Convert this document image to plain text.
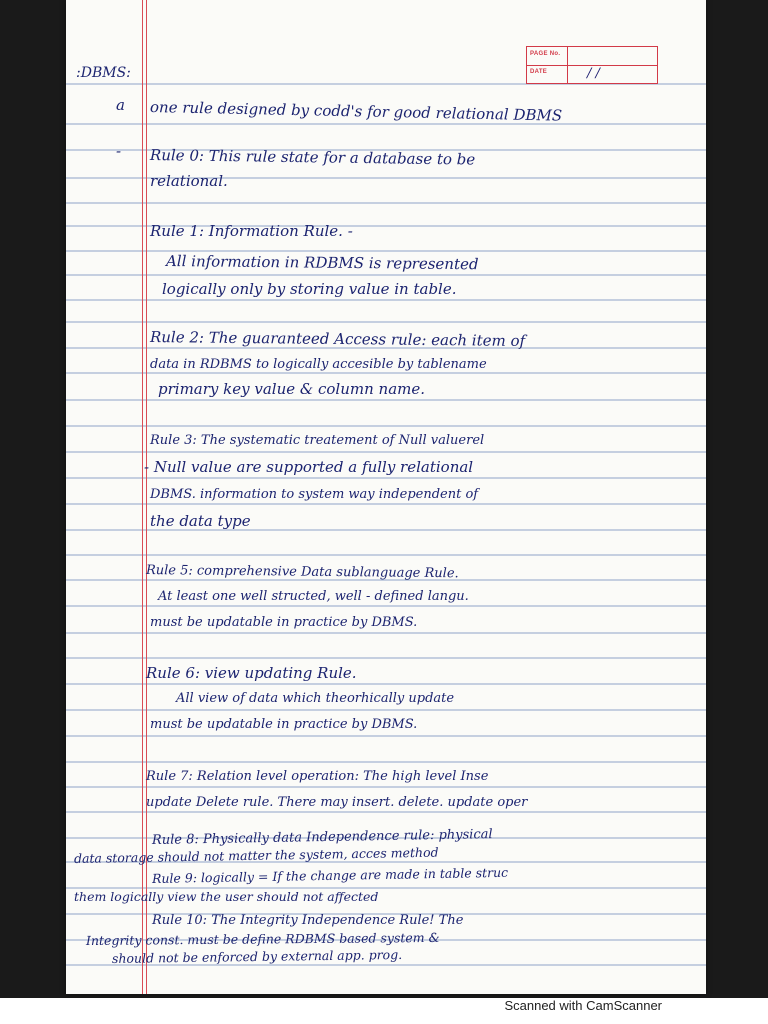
PAGE No.
DATE	/ /
:DBMS:
a one rule designed by codd's for good relational DBMS
- Rule 0: This rule state for a database to be
relational.
Rule 1: Information Rule. -
All information in RDBMS is represented
logically only by storing value in table.
Rule 2: The guaranteed Access rule: each item of
data in RDBMS to logically accesible by tablename
primary key value & column name.
Rule 3: The systematic treatement of Null valuerel
- Null value are supported a fully relational
DBMS. information to system way independent of
the data type
Rule 5: comprehensive Data sublanguage Rule.
At least one well structed, well - defined langu.
must be updatable in practice by DBMS.
Rule 6: view updating Rule.
All view of data which theorhically update
must be updatable in practice by DBMS.
Rule 7: Relation level operation: The high level Inse
update Delete rule. There may insert. delete. update oper
Rule 8: Physically data Independence rule: physical
data storage should not matter the system, acces method
Rule 9: logically = If the change are made in table struc
them logically view the user should not affected
Rule 10: The Integrity Independence Rule! The
Integrity const. must be define RDBMS based system &
should not be enforced by external app. prog.
Scanned with CamScanner
